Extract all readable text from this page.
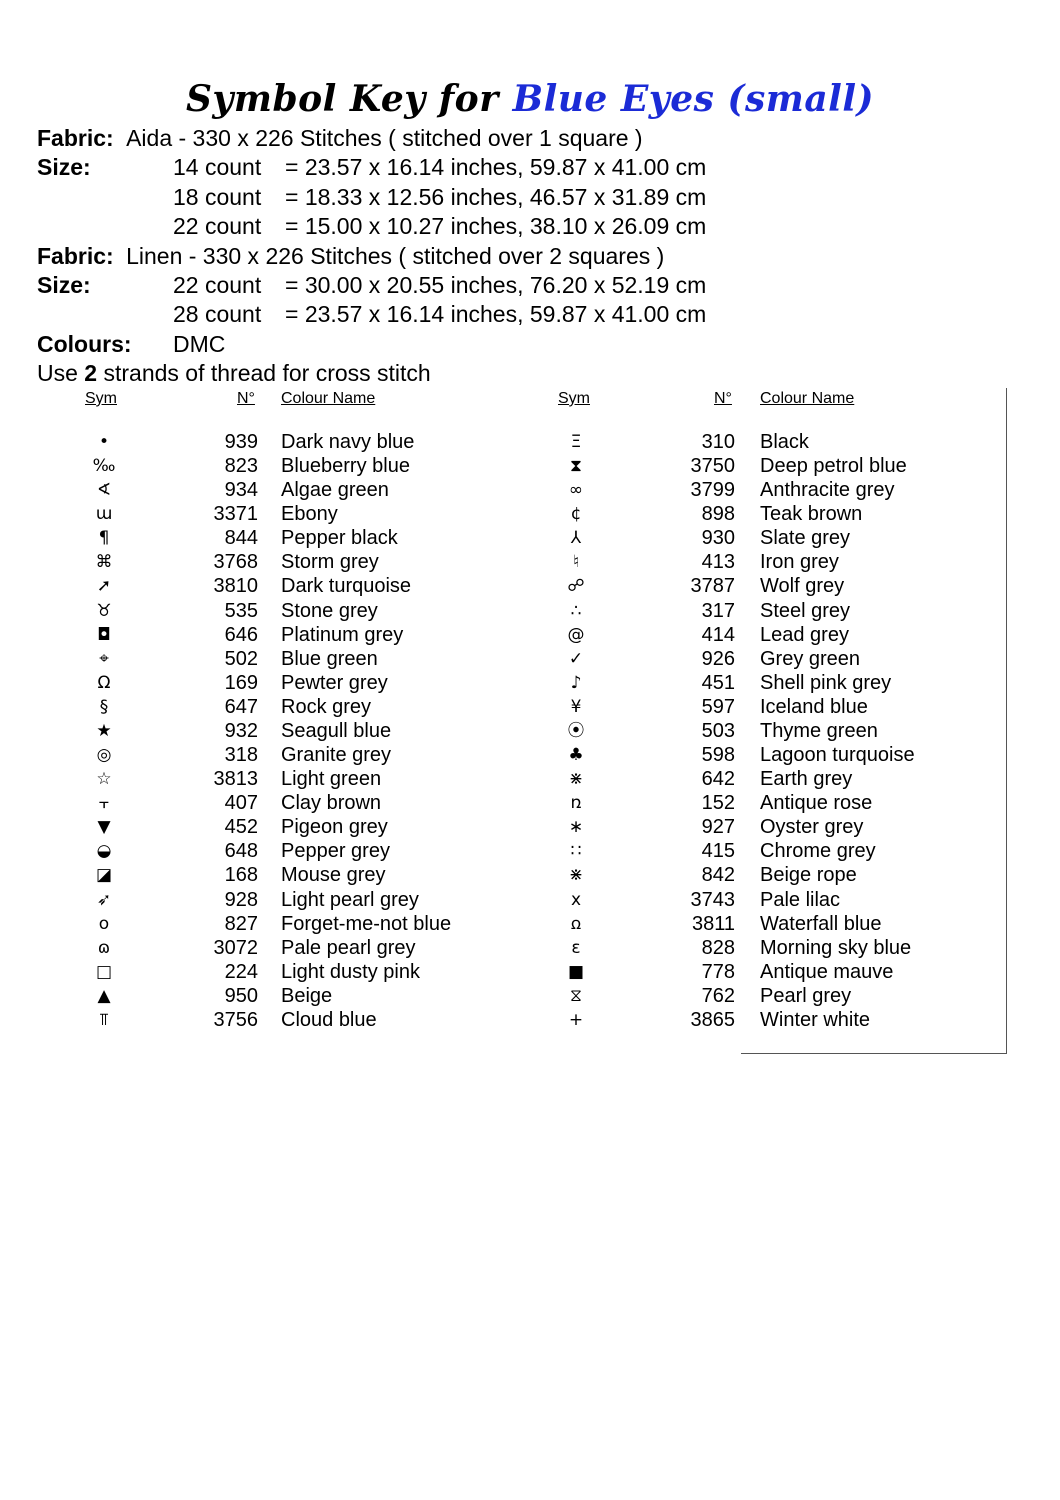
Symbol Key for Blue Eyes (small)
Fabric: Aida - 330 x 226 Stitches ( stitched over 1 square )
Size:	14 count = 23.57 x 16.14 inches, 59.87 x 41.00 cm
18 count = 18.33 x 12.56 inches, 46.57 x 31.89 cm
22 count = 15.00 x 10.27 inches, 38.10 x 26.09 cm
Fabric: Linen - 330 x 226 Stitches ( stitched over 2 squares )
Size:	22 count = 30.00 x 20.55 inches, 76.20 x 52.19 cm
28 count = 23.57 x 16.14 inches, 59.87 x 41.00 cm
Colours: DMC
Use 2 strands of thread for cross stitch
Sym	N° Colour Name	Sym	N° Colour Name
•	939 Dark navy blue
‰	823 Blueberry blue
∢	934 Algae green
ɯ	3371 Ebony
¶	844 Pepper black
⌘	3768 Storm grey
➚	3810 Dark turquoise
♉	535 Stone grey
◘	646 Platinum grey
⌖	502 Blue green
Ω	169 Pewter grey
§	647 Rock grey
★	932 Seagull blue
◎	318 Granite grey
☆	3813 Light green
⫟	407 Clay brown
▼	452 Pigeon grey
◒	648 Pepper grey
◪	168 Mouse grey
➶	928 Light pearl grey
o	827 Forget-me-not blue
ɷ	3072 Pale pearl grey
□	224 Light dusty pink
▲	950 Beige
⫪	3756 Cloud blue
Ξ	310 Black
⧗	3750 Deep petrol blue
∞	3799 Anthracite grey
¢	898 Teak brown
⅄	930 Slate grey
♮	413 Iron grey
☍	3787 Wolf grey
∴	317 Steel grey
@	414 Lead grey
✓	926 Grey green
♪	451 Shell pink grey
¥	597 Iceland blue
⦿	503 Thyme green
♣	598 Lagoon turquoise
⋇	642 Earth grey
ռ	152 Antique rose
∗	927 Oyster grey
∷	415 Chrome grey
⋇	842 Beige rope
x	3743 Pale lilac
ꭥ	3811 Waterfall blue
ɛ	828 Morning sky blue
■	778 Antique mauve
⧖	762 Pearl grey
+	3865 Winter white
